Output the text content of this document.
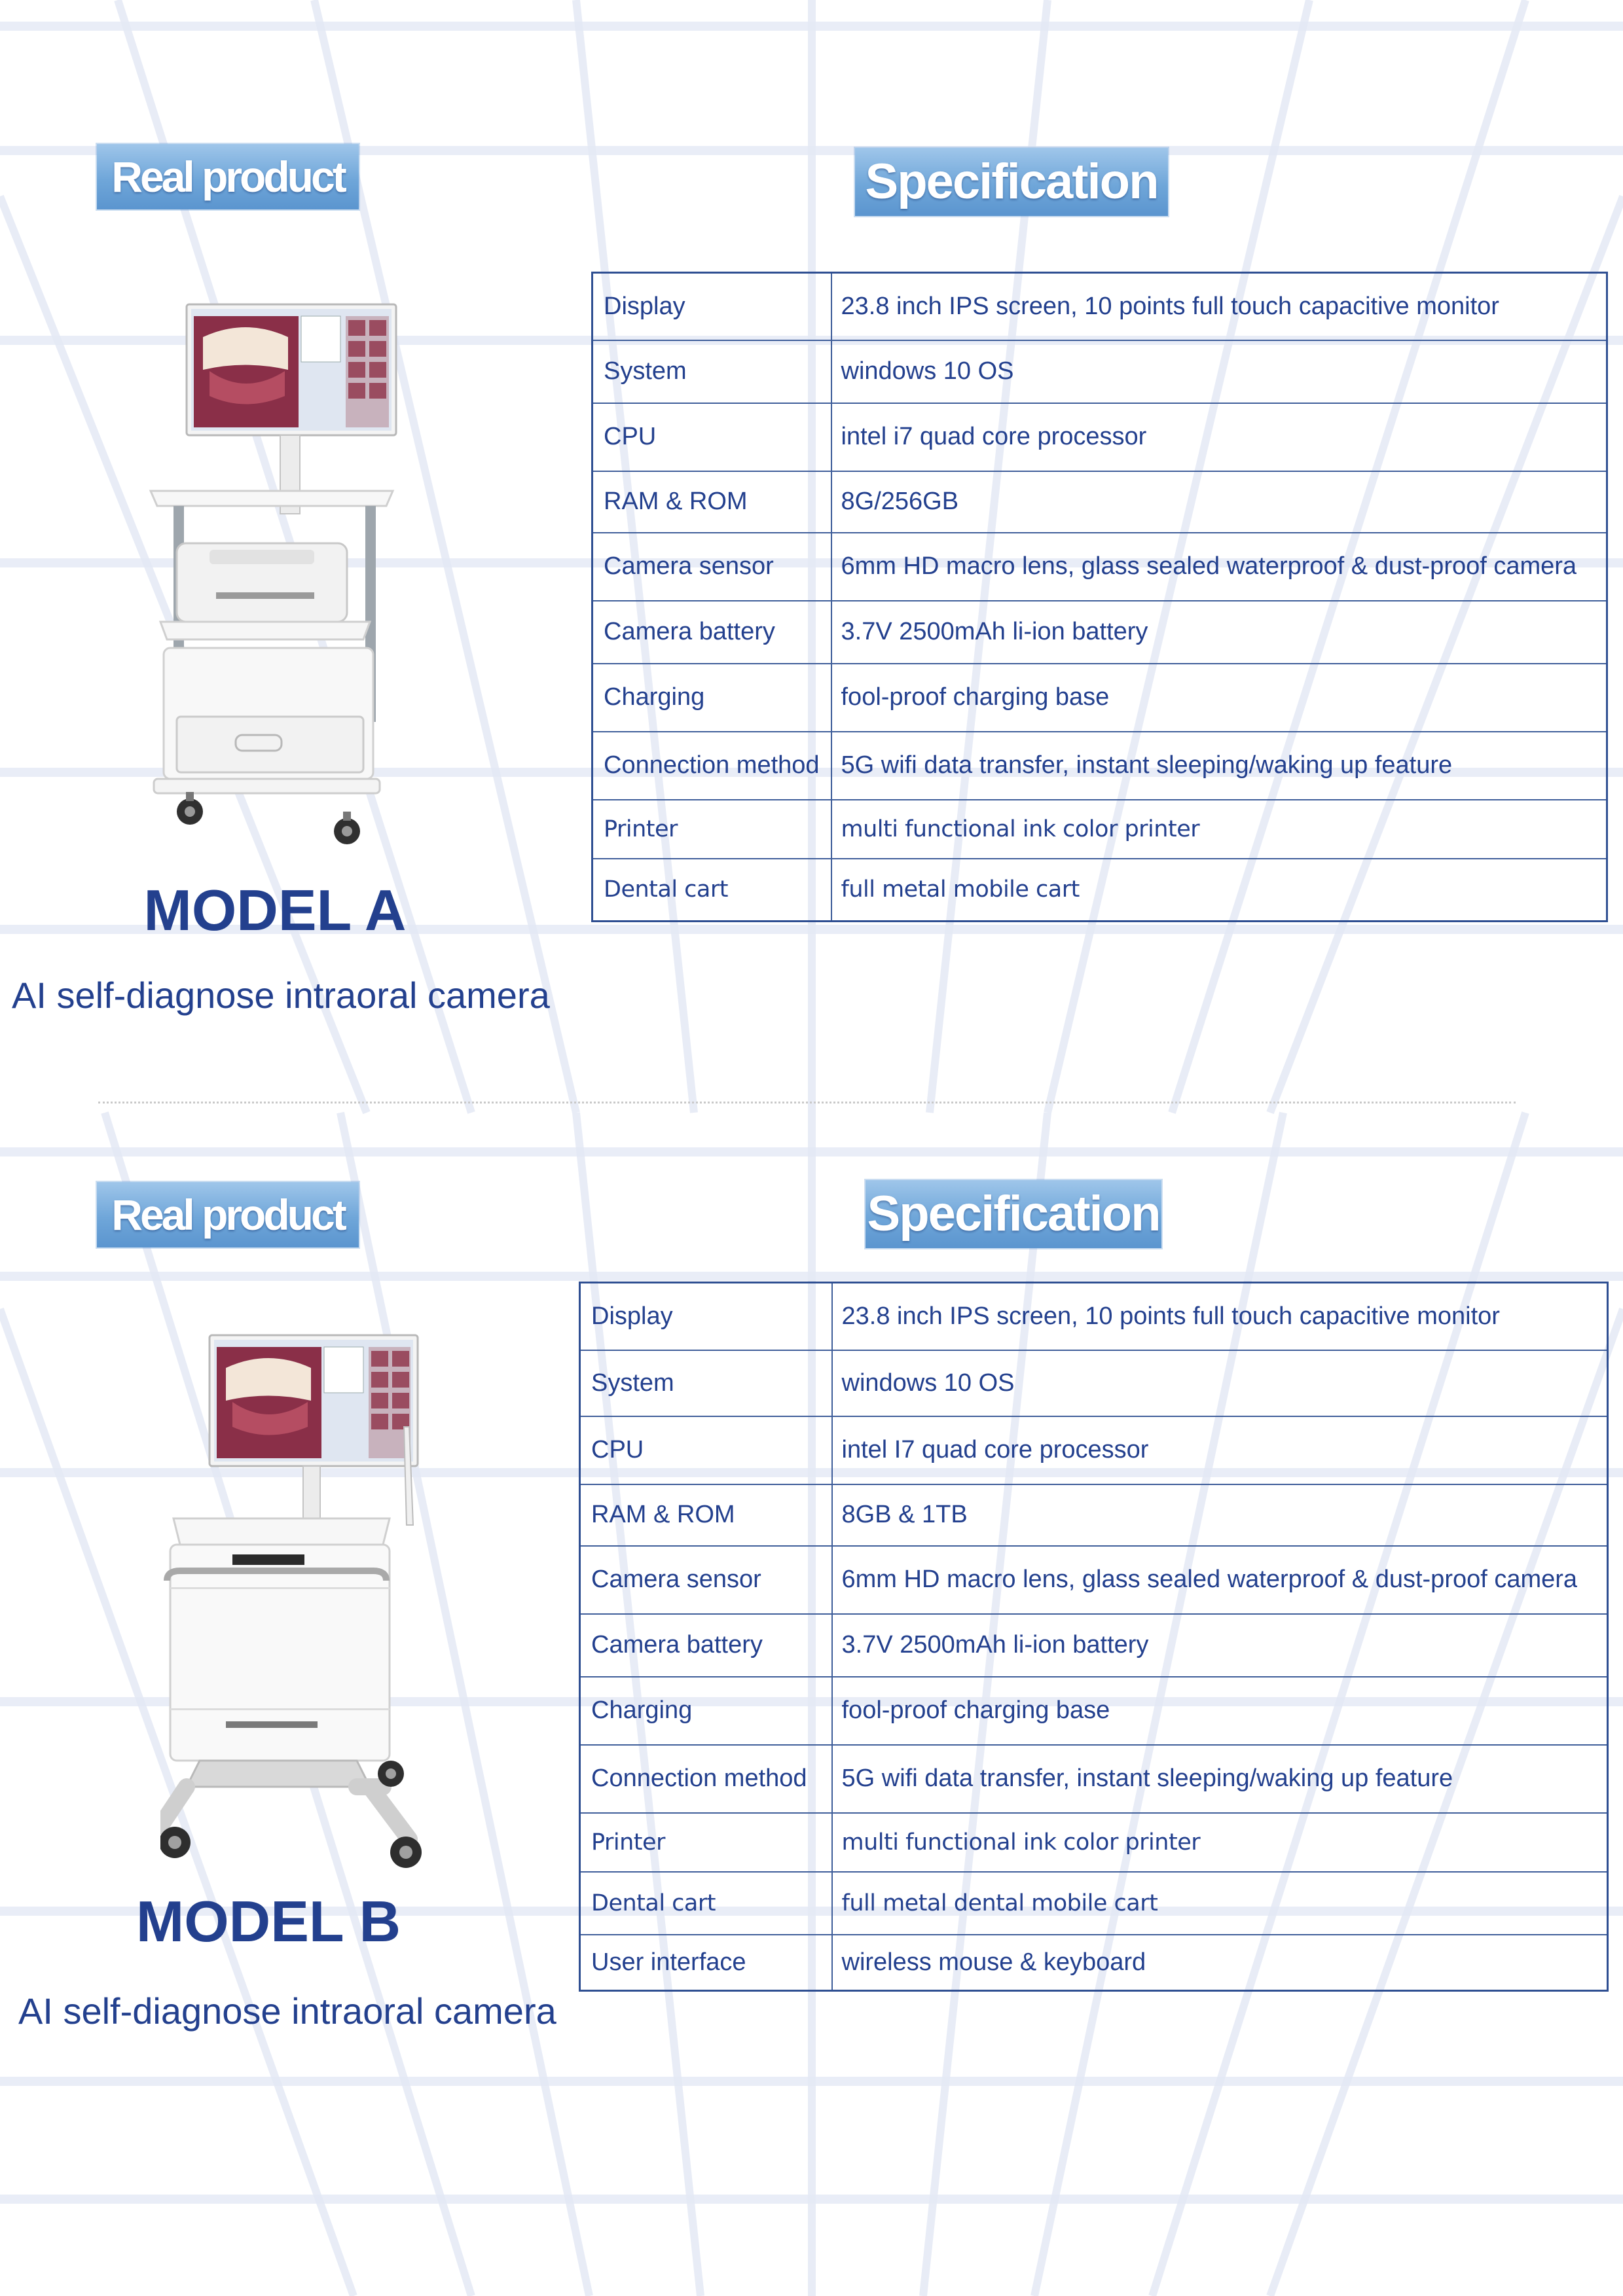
Real product	Specification
MODEL A
AI self-diagnose intraoral camera
Display	23.8 inch IPS screen, 10 points full touch capacitive monitor
System	windows 10 OS
CPU	intel i7 quad core processor
RAM & ROM	8G/256GB
Camera sensor	6mm HD macro lens, glass sealed waterproof & dust-proof camera
Camera battery	3.7V 2500mAh li-ion battery
Charging	fool-proof charging base
Connection method	5G wifi data transfer, instant sleeping/waking up feature
Printer	multi functional ink color printer
Dental cart	full metal mobile cart
Real product	Specification
MODEL B
AI self-diagnose intraoral camera
Display	23.8 inch IPS screen, 10 points full touch capacitive monitor
System	windows 10 OS
CPU	intel I7 quad core processor
RAM & ROM	8GB & 1TB
Camera sensor	6mm HD macro lens, glass sealed waterproof & dust-proof camera
Camera battery	3.7V 2500mAh li-ion battery
Charging	fool-proof charging base
Connection method	5G wifi data transfer, instant sleeping/waking up feature
Printer	multi functional ink color printer
Dental cart	full metal dental mobile cart
User interface	wireless mouse & keyboard
